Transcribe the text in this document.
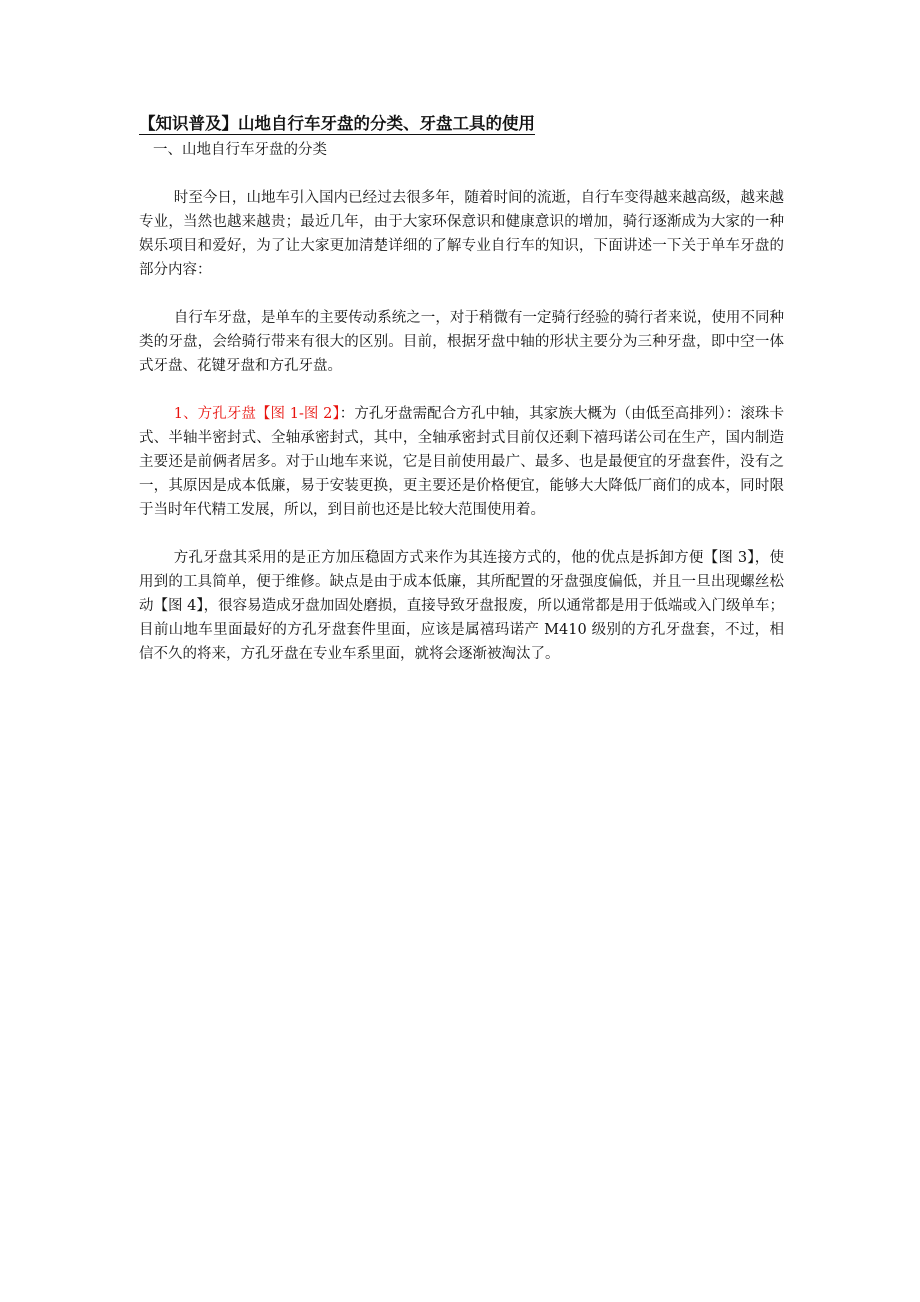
【知识普及】山地自行车牙盘的分类、牙盘工具的使用

一、山地自行车牙盘的分类

时至今日，山地车引入国内已经过去很多年，随着时间的流逝，自行车变得越来越高级，越来越专业，当然也越来越贵；最近几年，由于大家环保意识和健康意识的增加，骑行逐渐成为大家的一种娱乐项目和爱好，为了让大家更加清楚详细的了解专业自行车的知识，下面讲述一下关于单车牙盘的部分内容：

自行车牙盘，是单车的主要传动系统之一，对于稍微有一定骑行经验的骑行者来说，使用不同种类的牙盘，会给骑行带来有很大的区别。目前，根据牙盘中轴的形状主要分为三种牙盘，即中空一体式牙盘、花键牙盘和方孔牙盘。

1、方孔牙盘【图 1-图 2】：方孔牙盘需配合方孔中轴，其家族大概为（由低至高排列）：滚珠卡式、半轴半密封式、全轴承密封式，其中，全轴承密封式目前仅还剩下禧玛诺公司在生产，国内制造主要还是前俩者居多。对于山地车来说，它是目前使用最广、最多、也是最便宜的牙盘套件，没有之一，其原因是成本低廉，易于安装更换，更主要还是价格便宜，能够大大降低厂商们的成本，同时限于当时年代精工发展，所以，到目前也还是比较大范围使用着。

方孔牙盘其采用的是正方加压稳固方式来作为其连接方式的，他的优点是拆卸方便【图 3】，使用到的工具简单，便于维修。缺点是由于成本低廉，其所配置的牙盘强度偏低，并且一旦出现螺丝松动【图 4】，很容易造成牙盘加固处磨损，直接导致牙盘报废，所以通常都是用于低端或入门级单车；目前山地车里面最好的方孔牙盘套件里面，应该是属禧玛诺产 M410 级别的方孔牙盘套，不过，相信不久的将来，方孔牙盘在专业车系里面，就将会逐渐被淘汰了。
